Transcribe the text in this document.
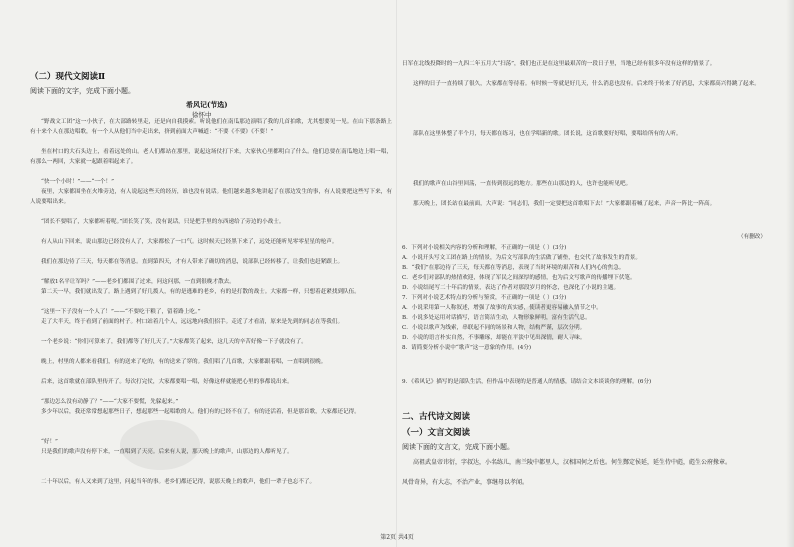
（二）现代文阅读Ⅱ
阅读下面的文字，完成下面小题。
希风记(节选)
徐怀中
“野战文工团”这一小伙子，在大部路转里走，还是向自我摸索。听说他们在南瓜那边演唱了我的几首拍歌，尤其想要见一见。在山下那条路上有十来个人在那边唱歌，有一个人从他们当中走出来，挤到前面大声喊道：“不要《不要》《不要！”
坐在村口的大石头边上，看着远处的山。老人们都站在那里，说起这场仗打下来，大家伙心里都明白了什么。他们总要在南瓜地边上唱一唱，有那么一两回，大家就一起跟着唱起来了。
“快一个小时！”——“一个！”
夜里，大家都围坐在火堆旁边，有人说起这些天的经历，谁也没有说话。他们越来越多地讲起了在那边发生的事，有人说要把这些写下来，有人说要唱出来。
“团长不要唱了，大家都听着呢。”团长笑了笑，没有说话，只是把手里的东西递给了旁边的小战士。
有人从山下回来，说山那边已经没有人了，大家都松了一口气。这时候天已经黑下来了，远处还能听见零零星星的枪声。
我们在那边待了三天，每天都在等消息。直到第四天，才有人带来了确切的消息，说部队已经转移了，让我们也赶紧跟上。
“解放1名平让军吗？”——老乡们都围了过来，问这问那，一直到很晚才散去。
第二天一早，我们就出发了。路上遇到了好几拨人，有的是逃难的老乡，有的是打散的战士。大家都一样，只想着赶紧找到队伍。
“这里一下子没有一个人了！”——“不要吃干粮了，留着路上吃。”
走了大半天，终于看到了前面的村子。村口站着几个人，远远地向我们招手。走近了才看清，原来是先到的同志在等我们。
一个老乡说：“你们可算来了，我们都等了好几天了。”大家都笑了起来，这几天的辛苦好像一下子就没有了。
晚上，村里的人都来看我们，有的送来了吃的，有的送来了穿的。我们唱了几首歌，大家都跟着唱，一直唱到很晚。
后来，这首歌就在部队里传开了。每次打完仗，大家都要唱一唱，好像这样就能把心里的事都说出来。
“那边怎么没有动静了？”——“大家不要慌，先躲起来。”
多少年以后，我还常常想起那些日子，想起那些一起唱歌的人。他们有的已经不在了，有的还活着，但是那首歌，大家都还记得。
“好！”
只是我们的歌声没有停下来，一直唱到了天亮。后来有人说，那天晚上的歌声，山那边的人都听见了。
二十年以后，有人又来到了这里，问起当年的事。老乡们都还记得，说那天晚上的歌声，他们一辈子也忘不了。
日军在北线投降时的一九四二年五月大“扫荡”，我们也正是在这里最艰苦的一段日子里，当地已经有很多年没有这样的情景了。
这样的日子一直持续了很久，大家都在等待着。有时候一等就是好几天，什么消息也没有。后来终于传来了好消息，大家都高兴得跳了起来。
部队在这里休整了半个月，每天都在练习，也在学唱新的歌。团长说，这首歌要好好唱，要唱给所有的人听。
我们的歌声在山谷里回荡，一直传到很远的地方。那些在山那边的人，也许也能听见吧。
那天晚上，团长站在最前面，大声说：“同志们，我们一定要把这首歌唱下去！”大家都跟着喊了起来，声音一阵比一阵高。
（有删改）
6．下列对小说相关内容的分析和理解，不正确的一项是（ ）(3分)
A．小说开头写文工团在路上的情景，为后文写部队的生活做了铺垫，也交代了故事发生的背景。
B．“我们”在那边待了三天，每天都在等消息，表现了当时环境的艰苦和人们内心的焦急。
C．老乡们对部队的热情欢迎，体现了军民之间深厚的感情，也为后文写歌声的传播埋下伏笔。
D．小说结尾写二十年后的情景，表达了作者对那段岁月的怀念，也深化了小说的主题。
7．下列对小说艺术特点的分析与鉴赏，不正确的一项是（ ）(3分)
A．小说采用第一人称叙述，增强了故事的真实感，使读者更容易融入情节之中。
B．小说多处运用对话描写，语言简洁生动，人物形象鲜明，富有生活气息。
C．小说以歌声为线索，串联起不同的场景和人物，结构严谨，层次分明。
D．小说的语言朴实自然，不事雕琢，却能在平淡中见出深情，耐人寻味。
8．请简要分析小说中“歌声”这一意象的作用。(4分)
9．《希风记》描写的是部队生活，但作品中表现的是普通人的情感，请结合文本谈谈你的理解。(6分)
二、古代诗文阅读
（一）文言文阅读
阅读下面的文言文，完成下面小题。
高祖武皇帝讳衍，字叔达，小名练儿，南兰陵中都里人，汉相国何之后也。何生酂定侯延，延生侍中彪，彪生公府掾章。
风骨奇异，有大志，不治产业，事继母以孝闻。
第2页 共4页
